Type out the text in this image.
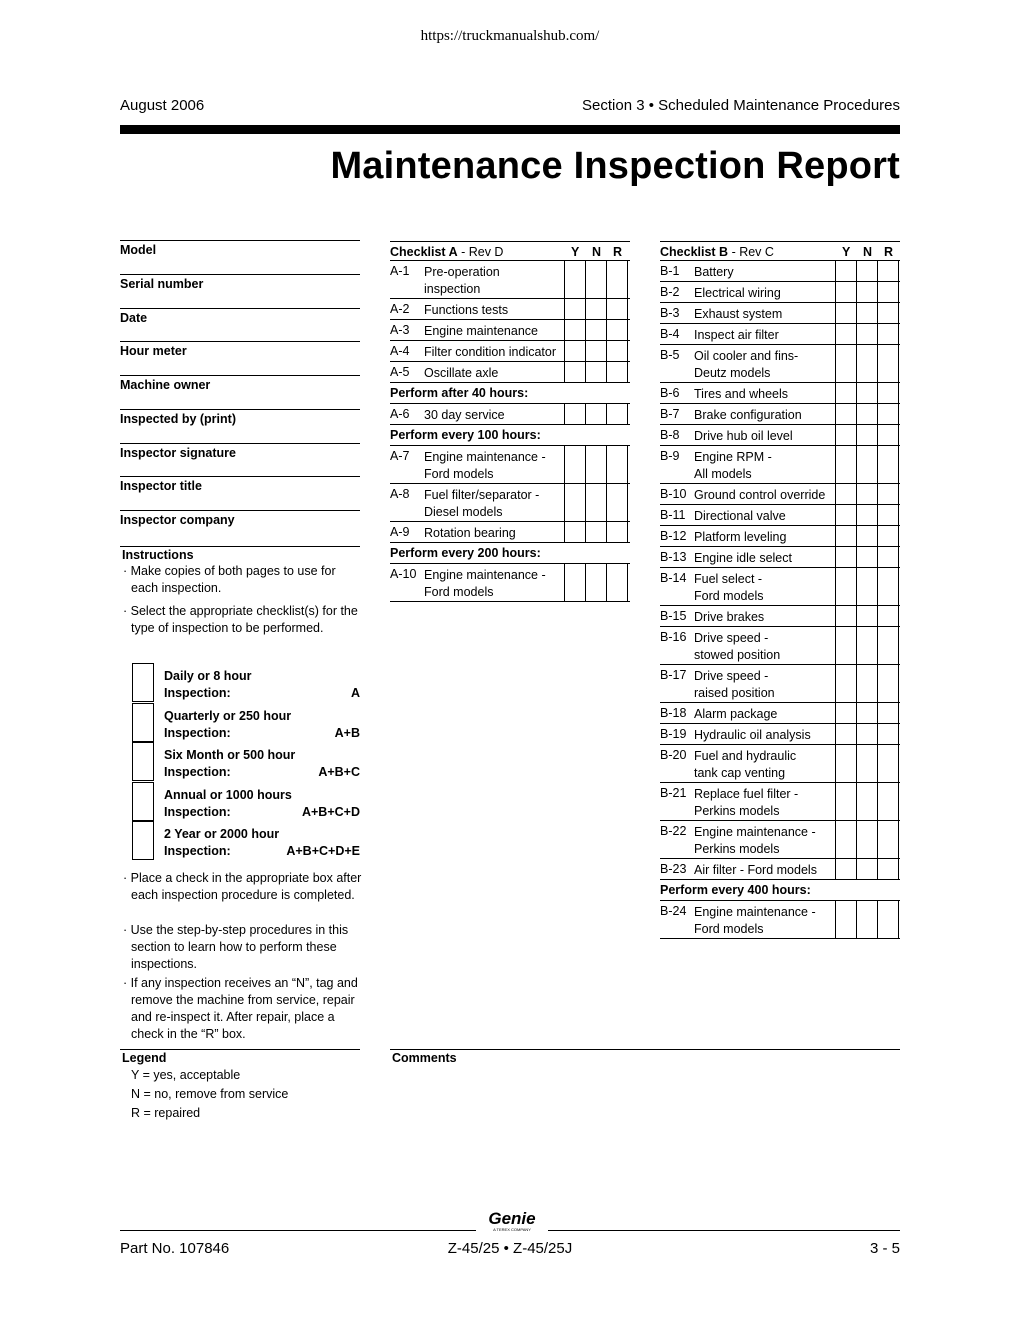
https://truckmanualshub.com/
August 2006	Section 3 • Scheduled Maintenance Procedures
Maintenance Inspection Report
Model
Serial number
Date
Hour meter
Machine owner
Inspected by (print)
Inspector signature
Inspector title
Inspector company
Instructions
· Make copies of both pages to use for each inspection.
· Select the appropriate checklist(s) for the type of inspection to be performed.
Daily or 8 hour
Inspection:	A
Quarterly or 250 hour
Inspection:	A+B
Six Month or 500 hour
Inspection:	A+B+C
Annual or 1000 hours
Inspection:	A+B+C+D
2 Year or 2000 hour
Inspection:	A+B+C+D+E
· Place a check in the appropriate box after each inspection procedure is completed.
· Use the step-by-step procedures in this section to learn how to perform these inspections.
· If any inspection receives an “N”, tag and remove the machine from service, repair and re-inspect it. After repair, place a check in the “R” box.
Legend
Y = yes, acceptable
N = no, remove from service
R = repaired
Comments
Checklist A - Rev D	Y N R
A-1 Pre-operation
inspection
A-2 Functions tests
A-3 Engine maintenance
A-4 Filter condition indicator
A-5 Oscillate axle
Perform after 40 hours:
A-6 30 day service
Perform every 100 hours:
A-7 Engine maintenance -
Ford models
A-8 Fuel filter/separator -
Diesel models
A-9 Rotation bearing
Perform every 200 hours:
A-10 Engine maintenance -
Ford models
Checklist B - Rev C	Y N R
B-1 Battery
B-2 Electrical wiring
B-3 Exhaust system
B-4 Inspect air filter
B-5 Oil cooler and fins-
Deutz models
B-6 Tires and wheels
B-7 Brake configuration
B-8 Drive hub oil level
B-9 Engine RPM -
All models
B-10 Ground control override
B-11 Directional valve
B-12 Platform leveling
B-13 Engine idle select
B-14 Fuel select -
Ford models
B-15 Drive brakes
B-16 Drive speed -
stowed position
B-17 Drive speed -
raised position
B-18 Alarm package
B-19 Hydraulic oil analysis
B-20 Fuel and hydraulic
tank cap venting
B-21 Replace fuel filter -
Perkins models
B-22 Engine maintenance -
Perkins models
B-23 Air filter - Ford models
Perform every 400 hours:
B-24 Engine maintenance -
Ford models
Genie
A TEREX COMPANY
Part No. 107846	Z-45/25 • Z-45/25J	3 - 5
